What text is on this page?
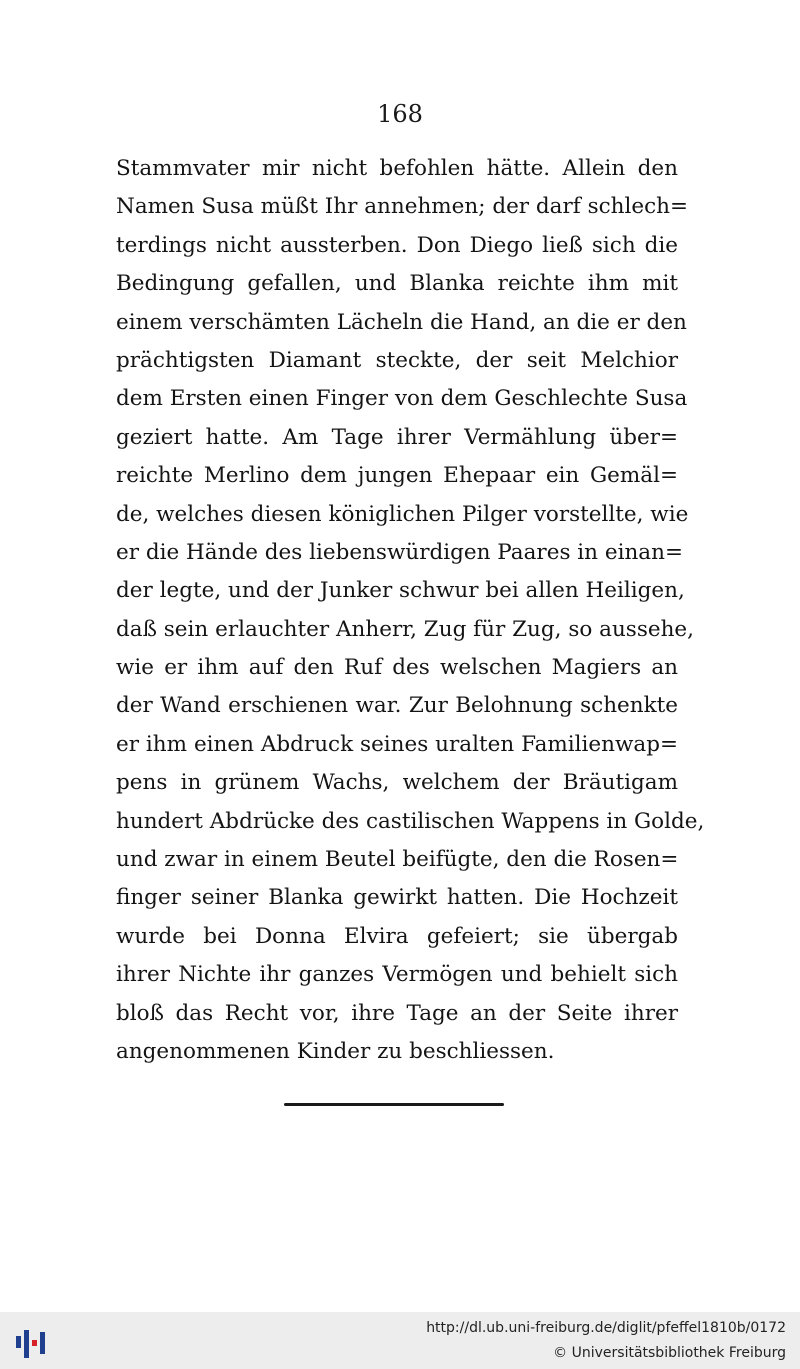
168
Stammvater mir nicht befohlen hätte. Allein den
Namen Susa müßt Ihr annehmen; der darf schlech=
terdings nicht aussterben. Don Diego ließ sich die
Bedingung gefallen, und Blanka reichte ihm mit
einem verschämten Lächeln die Hand, an die er den
prächtigsten Diamant steckte, der seit Melchior
dem Ersten einen Finger von dem Geschlechte Susa
geziert hatte. Am Tage ihrer Vermählung über=
reichte Merlino dem jungen Ehepaar ein Gemäl=
de, welches diesen königlichen Pilger vorstellte, wie
er die Hände des liebenswürdigen Paares in einan=
der legte, und der Junker schwur bei allen Heiligen,
daß sein erlauchter Anherr, Zug für Zug, so aussehe,
wie er ihm auf den Ruf des welschen Magiers an
der Wand erschienen war. Zur Belohnung schenkte
er ihm einen Abdruck seines uralten Familienwap=
pens in grünem Wachs, welchem der Bräutigam
hundert Abdrücke des castilischen Wappens in Golde,
und zwar in einem Beutel beifügte, den die Rosen=
finger seiner Blanka gewirkt hatten. Die Hochzeit
wurde bei Donna Elvira gefeiert; sie übergab
ihrer Nichte ihr ganzes Vermögen und behielt sich
bloß das Recht vor, ihre Tage an der Seite ihrer
angenommenen Kinder zu beschliessen.
http://dl.ub.uni-freiburg.de/diglit/pfeffel1810b/0172
© Universitätsbibliothek Freiburg
